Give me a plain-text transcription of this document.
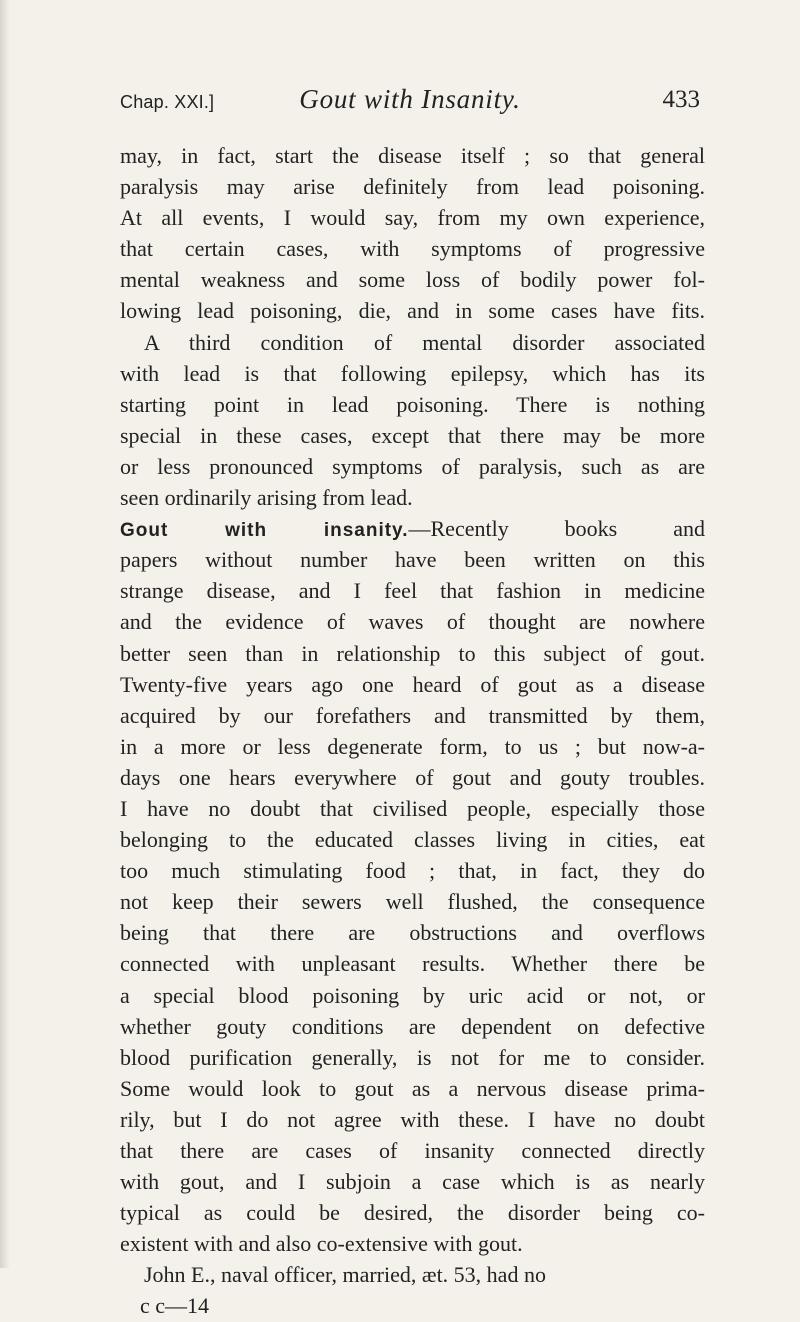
Chap. XXI.]	Gout with Insanity.	433
may, in fact, start the disease itself ; so that general
paralysis may arise definitely from lead poisoning.
At all events, I would say, from my own experience,
that certain cases, with symptoms of progressive
mental weakness and some loss of bodily power fol-
lowing lead poisoning, die, and in some cases have fits.
A third condition of mental disorder associated
with lead is that following epilepsy, which has its
starting point in lead poisoning. There is nothing
special in these cases, except that there may be more
or less pronounced symptoms of paralysis, such as are
seen ordinarily arising from lead.
Gout with insanity.—Recently books and
papers without number have been written on this
strange disease, and I feel that fashion in medicine
and the evidence of waves of thought are nowhere
better seen than in relationship to this subject of gout.
Twenty-five years ago one heard of gout as a disease
acquired by our forefathers and transmitted by them,
in a more or less degenerate form, to us ; but now-a-
days one hears everywhere of gout and gouty troubles.
I have no doubt that civilised people, especially those
belonging to the educated classes living in cities, eat
too much stimulating food ; that, in fact, they do
not keep their sewers well flushed, the consequence
being that there are obstructions and overflows
connected with unpleasant results. Whether there be
a special blood poisoning by uric acid or not, or
whether gouty conditions are dependent on defective
blood purification generally, is not for me to consider.
Some would look to gout as a nervous disease prima-
rily, but I do not agree with these. I have no doubt
that there are cases of insanity connected directly
with gout, and I subjoin a case which is as nearly
typical as could be desired, the disorder being co-
existent with and also co-extensive with gout.
John E., naval officer, married, æt. 53, had no
c c—14
